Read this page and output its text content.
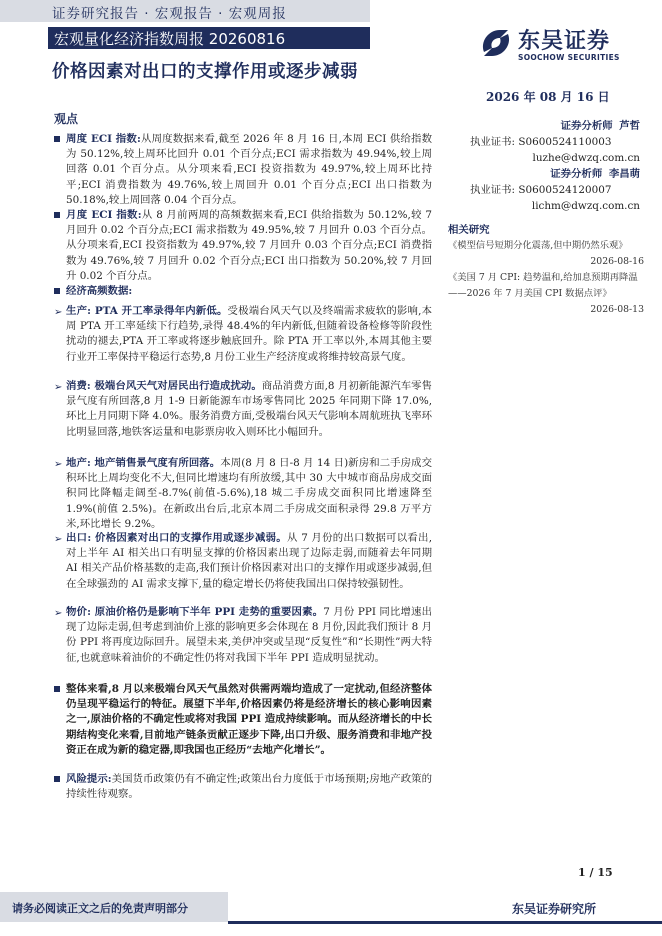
证券研究报告 · 宏观报告 · 宏观周报
宏观量化经济指数周报 20260816
价格因素对出口的支撑作用或逐步减弱
东吴证券
SOOCHOW SECURITIES
2026 年 08 月 16 日
观点
周度 ECI 指数:从周度数据来看,截至 2026 年 8 月 16 日,本周 ECI 供给指数为 50.12%,较上周环比回升 0.01 个百分点;ECI 需求指数为 49.94%,较上周回落 0.01 个百分点。从分项来看,ECI 投资指数为 49.97%,较上周环比持平;ECI 消费指数为 49.76%,较上周回升 0.01 个百分点;ECI 出口指数为 50.18%,较上周回落 0.04 个百分点。
月度 ECI 指数:从 8 月前两周的高频数据来看,ECI 供给指数为 50.12%,较 7 月回升 0.02 个百分点;ECI 需求指数为 49.95%,较 7 月回升 0.03 个百分点。从分项来看,ECI 投资指数为 49.97%,较 7 月回升 0.03 个百分点;ECI 消费指数为 49.76%,较 7 月回升 0.02 个百分点;ECI 出口指数为 50.20%,较 7 月回升 0.02 个百分点。
经济高频数据:
➢ 生产: PTA 开工率录得年内新低。受极端台风天气以及终端需求疲软的影响,本周 PTA 开工率延续下行趋势,录得 48.4%的年内新低,但随着设备检修等阶段性扰动的褪去,PTA 开工率或将逐步触底回升。除 PTA 开工率以外,本周其他主要行业开工率保持平稳运行态势,8 月份工业生产经济度或将维持较高景气度。
➢ 消费: 极端台风天气对居民出行造成扰动。商品消费方面,8 月初新能源汽车零售景气度有所回落,8 月 1-9 日新能源车市场零售同比 2025 年同期下降 17.0%,环比上月同期下降 4.0%。服务消费方面,受极端台风天气影响本周航班执飞率环比明显回落,地铁客运量和电影票房收入则环比小幅回升。
➢ 地产: 地产销售景气度有所回落。本周(8 月 8 日-8 月 14 日)新房和二手房成交积环比上周均变化不大,但同比增速均有所放缓,其中 30 大中城市商品房成交面积同比降幅走阔至-8.7%(前值-5.6%),18 城二手房成交面积同比增速降至 1.9%(前值 2.5%)。在新政出台后,北京本周二手房成交面积录得 29.8 万平方米,环比增长 9.2%。
➢ 出口: 价格因素对出口的支撑作用或逐步减弱。从 7 月份的出口数据可以看出,对上半年 AI 相关出口有明显支撑的价格因素出现了边际走弱,而随着去年同期 AI 相关产品价格基数的走高,我们预计价格因素对出口的支撑作用或逐步减弱,但在全球强劲的 AI 需求支撑下,量的稳定增长仍将使我国出口保持较强韧性。
➢ 物价: 原油价格仍是影响下半年 PPI 走势的重要因素。7 月份 PPI 同比增速出现了边际走弱,但考虑到油价上涨的影响更多会体现在 8 月份,因此我们预计 8 月份 PPI 将再度边际回升。展望未来,美伊冲突或呈现“反复性”和“长期性”两大特征,也就意味着油价的不确定性仍将对我国下半年 PPI 造成明显扰动。
整体来看,8 月以来极端台风天气虽然对供需两端均造成了一定扰动,但经济整体仍呈现平稳运行的特征。展望下半年,价格因素仍将是经济增长的核心影响因素之一,原油价格的不确定性或将对我国 PPI 造成持续影响。而从经济增长的中长期结构变化来看,目前地产链条贡献正逐步下降,出口升级、服务消费和非地产投资正在成为新的稳定器,即我国也正经历“去地产化增长”。
风险提示:美国货币政策仍有不确定性;政策出台力度低于市场预期;房地产政策的持续性待观察。
证券分析师 芦哲
执业证书: S0600524110003
luzhe@dwzq.com.cn
证券分析师 李昌萌
执业证书: S0600524120007
lichm@dwzq.com.cn
相关研究
《模型信号短期分化震荡,但中期仍然乐观》
2026-08-16
《美国 7 月 CPI: 趋势温和,给加息预期再降温——2026 年 7 月美国 CPI 数据点评》
2026-08-13
1 / 15
请务必阅读正文之后的免责声明部分	东吴证券研究所
